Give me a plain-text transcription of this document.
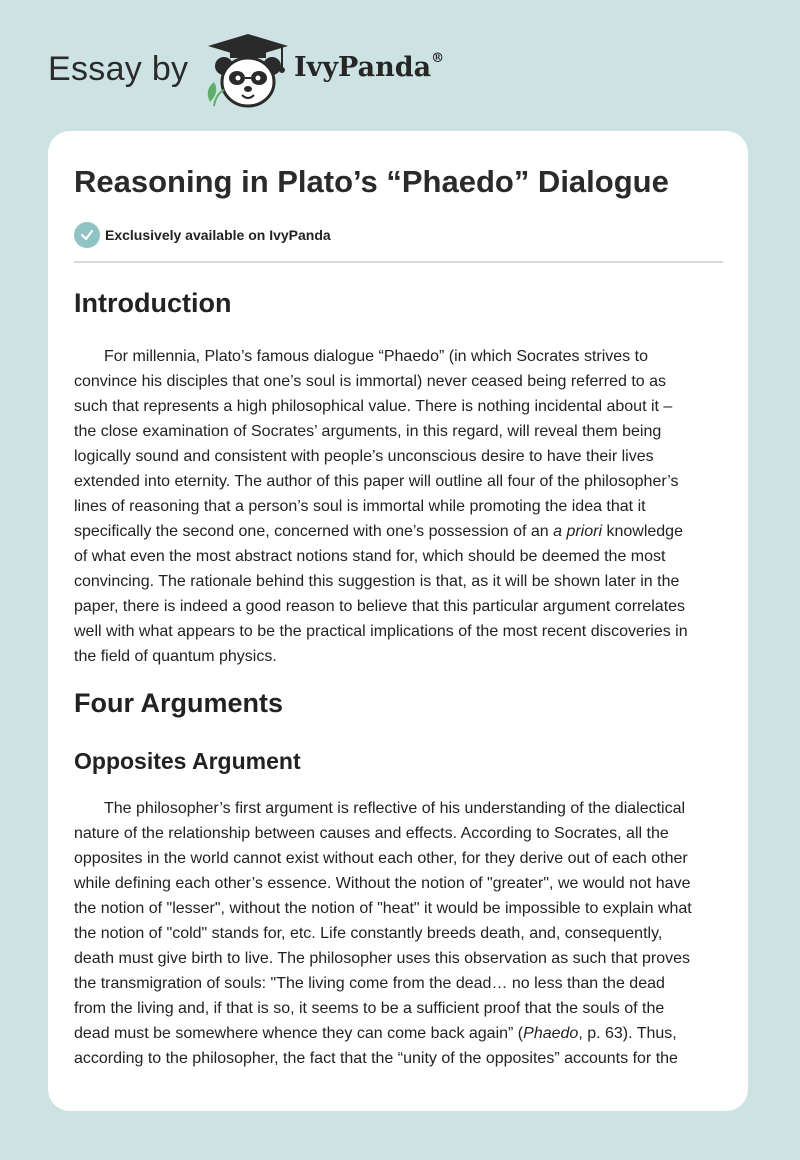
Essay by	IvyPanda®
Reasoning in Plato’s “Phaedo” Dialogue
Exclusively available on IvyPanda
Introduction

For millennia, Plato’s famous dialogue “Phaedo” (in which Socrates strives to
convince his disciples that one’s soul is immortal) never ceased being referred to as
such that represents a high philosophical value. There is nothing incidental about it –
the close examination of Socrates’ arguments, in this regard, will reveal them being
logically sound and consistent with people’s unconscious desire to have their lives
extended into eternity. The author of this paper will outline all four of the philosopher’s
lines of reasoning that a person’s soul is immortal while promoting the idea that it
specifically the second one, concerned with one’s possession of an a priori knowledge
of what even the most abstract notions stand for, which should be deemed the most
convincing. The rationale behind this suggestion is that, as it will be shown later in the
paper, there is indeed a good reason to believe that this particular argument correlates
well with what appears to be the practical implications of the most recent discoveries in
the field of quantum physics.

Four Arguments
Opposites Argument

The philosopher’s first argument is reflective of his understanding of the dialectical
nature of the relationship between causes and effects. According to Socrates, all the
opposites in the world cannot exist without each other, for they derive out of each other
while defining each other’s essence. Without the notion of "greater", we would not have
the notion of "lesser", without the notion of "heat" it would be impossible to explain what
the notion of "cold" stands for, etc. Life constantly breeds death, and, consequently,
death must give birth to live. The philosopher uses this observation as such that proves
the transmigration of souls: "The living come from the dead… no less than the dead
from the living and, if that is so, it seems to be a sufficient proof that the souls of the
dead must be somewhere whence they can come back again” (Phaedo, p. 63). Thus,
according to the philosopher, the fact that the “unity of the opposites” accounts for the
